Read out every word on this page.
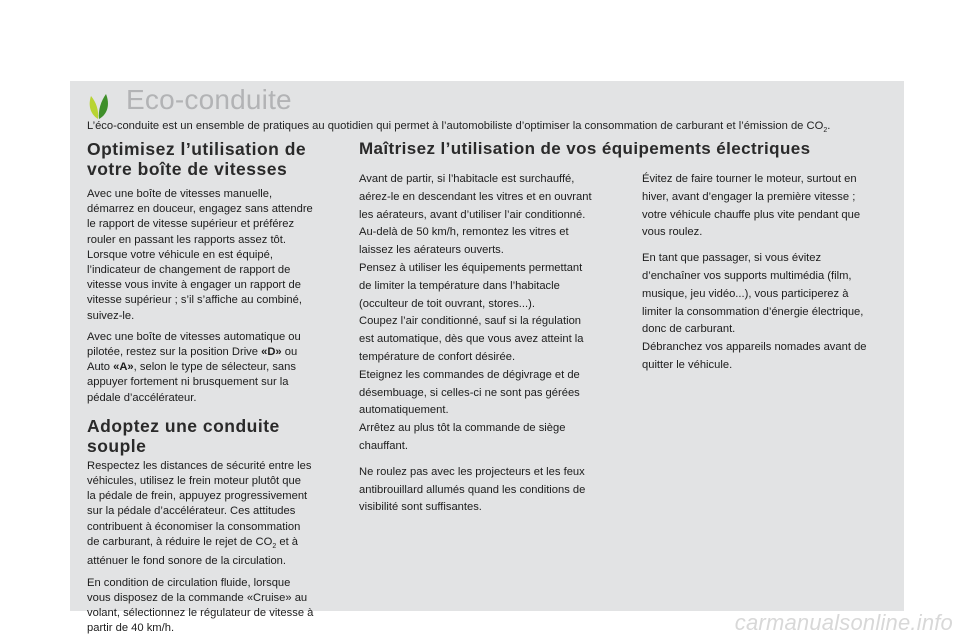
Eco-conduite
L’éco-conduite est un ensemble de pratiques au quotidien qui permet à l’automobiliste d’optimiser la consommation de carburant et l’émission de $CO_2$.
Optimisez l’utilisation de
votre boîte de vitesses

Avec une boîte de vitesses manuelle,
démarrez en douceur, engagez sans attendre
le rapport de vitesse supérieur et préférez
rouler en passant les rapports assez tôt.
Lorsque votre véhicule en est équipé,
l’indicateur de changement de rapport de
vitesse vous invite à engager un rapport de
vitesse supérieur ; s’il s’affiche au combiné,
suivez-le.

Avec une boîte de vitesses automatique ou
pilotée, restez sur la position Drive «D» ou
Auto «A», selon le type de sélecteur, sans
appuyer fortement ni brusquement sur la
pédale d’accélérateur.

Adoptez une conduite
souple

Respectez les distances de sécurité entre les
véhicules, utilisez le frein moteur plutôt que
la pédale de frein, appuyez progressivement
sur la pédale d’accélérateur. Ces attitudes
contribuent à économiser la consommation
de carburant, à réduire le rejet de $CO_2$ et à
atténuer le fond sonore de la circulation.

En condition de circulation fluide, lorsque
vous disposez de la commande «Cruise» au
volant, sélectionnez le régulateur de vitesse à
partir de 40 km/h.

Maîtrisez l’utilisation de vos équipements électriques

Avant de partir, si l’habitacle est surchauffé,
aérez-le en descendant les vitres et en ouvrant
les aérateurs, avant d’utiliser l’air conditionné.
Au-delà de 50 km/h, remontez les vitres et
laissez les aérateurs ouverts.
Pensez à utiliser les équipements permettant
de limiter la température dans l’habitacle
(occulteur de toit ouvrant, stores...).
Coupez l’air conditionné, sauf si la régulation
est automatique, dès que vous avez atteint la
température de confort désirée.
Eteignez les commandes de dégivrage et de
désembuage, si celles-ci ne sont pas gérées
automatiquement.
Arrêtez au plus tôt la commande de siège
chauffant.

Ne roulez pas avec les projecteurs et les feux
antibrouillard allumés quand les conditions de
visibilité sont suffisantes.

Évitez de faire tourner le moteur, surtout en
hiver, avant d’engager la première vitesse ;
votre véhicule chauffe plus vite pendant que
vous roulez.

En tant que passager, si vous évitez
d’enchaîner vos supports multimédia (film,
musique, jeu vidéo...), vous participerez à
limiter la consommation d’énergie électrique,
donc de carburant.
Débranchez vos appareils nomades avant de
quitter le véhicule.

carmanualsonline.info
